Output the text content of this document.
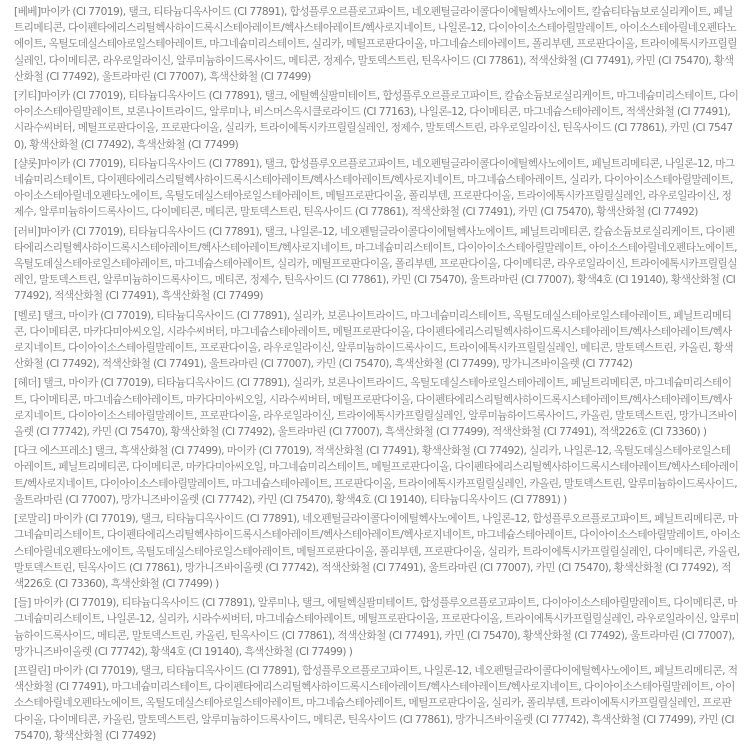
[베베]마이카 (CI 77019), 탤크, 티타늄디옥사이드 (CI 77891), 합성플루오르플로고파이트, 네오펜틸글라이콜다이에틸헥사노에이트, 칼슘티타늄보로실리케이트, 페닐트리메티콘, 다이펜타에리스리틸헥사하이드록시스테아레이트/헥사스테아레이트/헥사로지네이트, 나일론-12, 다이아이소스테아릴말레이트, 아이소스테아릴네오펜타노에이트, 옥틸도데실스테아로일스테아레이트, 마그네슘미리스테이트, 실리카, 메틸프로판다이올, 마그네슘스테아레이트, 폴리부텐, 프로판다이올, 트라이에톡시카프릴릴실레인, 다이메티콘, 라우로일라이신, 알루미늄하이드록사이드, 메티콘, 정제수, 말토덱스트린, 틴옥사이드 (CI 77861), 적색산화철 (CI 77491), 카민 (CI 75470), 황색산화철 (CI 77492), 울트라마린 (CI 77007), 흑색산화철 (CI 77499)

[키티]마이카 (CI 77019), 티타늄디옥사이드 (CI 77891), 탤크, 에틸헥실팔미테이트, 합성플루오르플로고파이트, 칼슘소듐보로실리케이트, 마그네슘미리스테이트, 다이아이소스테아릴말레이트, 보론나이트라이드, 알루미나, 비스머스옥시클로라이드 (CI 77163), 나일론-12, 다이메티콘, 마그네슘스테아레이트, 적색산화철 (CI 77491), 시라수씨버터, 메틸프로판다이올, 프로판다이올, 실리카, 트라이에톡시카프릴릴실레인, 정제수, 말토덱스트린, 라우로일라이신, 틴옥사이드 (CI 77861), 카민 (CI 75470), 황색산화철 (CI 77492), 흑색산화철 (CI 77499)

[샬롯]마이카 (CI 77019), 티타늄디옥사이드 (CI 77891), 탤크, 합성플루오르플로고파이트, 네오펜틸글라이콜다이에틸헥사노에이트, 페닐트리메티콘, 나일론-12, 마그네슘미리스테이트, 다이펜타에리스리틸헥사하이드록시스테아레이트/헥사스테아레이트/헥사로지네이트, 마그네슘스테아레이트, 실리카, 다이아이소스테아릴말레이트, 아이소스테아릴네오펜타노에이트, 옥틸도데실스테아로일스테아레이트, 메틸프로판다이올, 폴리부텐, 프로판다이올, 트라이에톡시카프릴릴실레인, 라우로일라이신, 정제수, 알루미늄하이드록사이드, 다이메티콘, 메티콘, 말토덱스트린, 틴옥사이드 (CI 77861), 적색산화철 (CI 77491), 카민 (CI 75470), 황색산화철 (CI 77492)

[러비]마이카 (CI 77019), 티타늄디옥사이드 (CI 77891), 탤크, 나일론-12, 네오펜틸글라이콜다이에틸헥사노에이트, 페닐트리메티콘, 칼슘소듐보로실리케이트, 다이펜타에리스리틸헥사하이드록시스테아레이트/헥사스테아레이트/헥사로지네이트, 마그네슘미리스테이트, 다이아이소스테아릴말레이트, 아이소스테아릴네오펜타노에이트, 옥틸도데실스테아로일스테아레이트, 마그네슘스테아레이트, 실리카, 메틸프로판다이올, 폴리부텐, 프로판다이올, 다이메티콘, 라우로일라이신, 트라이에톡시카프릴릴실레인, 말토덱스트린, 알루미늄하이드록사이드, 메티콘, 정제수, 틴옥사이드 (CI 77861), 카민 (CI 75470), 울트라마린 (CI 77007), 황색4호 (CI 19140), 황색산화철 (CI 77492), 적색산화철 (CI 77491), 흑색산화철 (CI 77499)

[벨로] 탤크, 마이카 (CI 77019), 티타늄디옥사이드 (CI 77891), 실리카, 보론나이트라이드, 마그네슘미리스테이트, 옥틸도데실스테아로일스테아레이트, 페닐트리메티콘, 다이메티콘, 마카다미아씨오일, 시라수씨버터, 마그네슘스테아레이트, 메틸프로판다이올, 다이펜타에리스리틸헥사하이드록시스테아레이트/헥사스테아레이트/헥사로지네이트, 다이아이소스테아릴말레이트, 프로판다이올, 라우로일라이신, 알루미늄하이드록사이드, 트라이에톡시카프릴릴실레인, 메티콘, 말토덱스트린, 카올린, 황색산화철 (CI 77492), 적색산화철 (CI 77491), 울트라마린 (CI 77007), 카민 (CI 75470), 흑색산화철 (CI 77499), 망가니즈바이올렛 (CI 77742)

[헤더] 탤크, 마이카 (CI 77019), 티타늄디옥사이드 (CI 77891), 실리카, 보론나이트라이드, 옥틸도데실스테아로일스테아레이트, 페닐트리메티콘, 마그네슘미리스테이트, 다이메티콘, 마그네슘스테아레이트, 마카다미아씨오일, 시라수씨버터, 메틸프로판다이올, 다이펜타에리스리틸헥사하이드록시스테아레이트/헥사스테아레이트/헥사로지네이트, 다이아이소스테아릴말레이트, 프로판다이올, 라우로일라이신, 트라이에톡시카프릴릴실레인, 알루미늄하이드록사이드, 카올린, 말토덱스트린, 망가니즈바이올렛 (CI 77742), 카민 (CI 75470), 황색산화철 (CI 77492), 울트라마린 (CI 77007), 흑색산화철 (CI 77499), 적색산화철 (CI 77491), 적색226호 (CI 73360) )

[다크 에스프레소] 탤크, 흑색산화철 (CI 77499), 마이카 (CI 77019), 적색산화철 (CI 77491), 황색산화철 (CI 77492), 실리카, 나일론-12, 옥틸도데실스테아로일스테아레이트, 페닐트리메티콘, 다이메티콘, 마카다미아씨오일, 마그네슘미리스테이트, 메틸프로판다이올, 다이펜타에리스리틸헥사하이드록시스테아레이트/헥사스테아레이트/헥사로지네이트, 다이아이소스테아릴말레이트, 마그네슘스테아레이트, 프로판다이올, 트라이에톡시카프릴릴실레인, 카올린, 말토덱스트린, 알루미늄하이드록사이드, 울트라마린 (CI 77007), 망가니즈바이올렛 (CI 77742), 카민 (CI 75470), 황색4호 (CI 19140), 티타늄디옥사이드 (CI 77891) )

[로말리] 마이카 (CI 77019), 탤크, 티타늄디옥사이드 (CI 77891), 네오펜틸글라이콜다이에틸헥사노에이트, 나일론-12, 합성플루오르플로고파이트, 페닐트리메티콘, 마그네슘미리스테이트, 다이펜타에리스리틸헥사하이드록시스테아레이트/헥사스테아레이트/헥사로지네이트, 마그네슘스테아레이트, 다이아이소스테아릴말레이트, 아이소스테아릴네오펜타노에이트, 옥틸도데실스테아로일스테아레이트, 메틸프로판다이올, 폴리부텐, 프로판다이올, 실리카, 트라이에톡시카프릴릴실레인, 다이메티콘, 카올린, 말토덱스트린, 틴옥사이드 (CI 77861), 망가니즈바이올렛 (CI 77742), 적색산화철 (CI 77491), 울트라마린 (CI 77007), 카민 (CI 75470), 황색산화철 (CI 77492), 적색226호 (CI 73360), 흑색산화철 (CI 77499) )

[들] 마이카 (CI 77019), 티타늄디옥사이드 (CI 77891), 알루미나, 탤크, 에틸헥실팔미테이트, 합성플루오르플로고파이트, 다이아이소스테아릴말레이트, 다이메티콘, 마그네슘미리스테이트, 나일론-12, 실리카, 시라수씨버터, 마그네슘스테아레이트, 메틸프로판다이올, 프로판다이올, 트라이에톡시카프릴릴실레인, 라우로일라이신, 알루미늄하이드록사이드, 메티콘, 말토덱스트린, 카올린, 틴옥사이드 (CI 77861), 적색산화철 (CI 77491), 카민 (CI 75470), 황색산화철 (CI 77492), 울트라마린 (CI 77007), 망가니즈바이올렛 (CI 77742), 황색4호 (CI 19140), 흑색산화철 (CI 77499) )

[프릴린] 마이카 (CI 77019), 탤크, 티타늄디옥사이드 (CI 77891), 합성플루오르플로고파이트, 나일론-12, 네오펜틸글라이콜다이에틸헥사노에이트, 페닐트리메티콘, 적색산화철 (CI 77491), 마그네슘미리스테이트, 다이펜타에리스리틸헥사하이드록시스테아레이트/헥사스테아레이트/헥사로지네이트, 다이아이소스테아릴말레이트, 아이소스테아릴네오펜타노에이트, 옥틸도데실스테아로일스테아레이트, 마그네슘스테아레이트, 메틸프로판다이올, 실리카, 폴리부텐, 트라이에톡시카프릴릴실레인, 프로판다이올, 다이메티콘, 카올린, 말토덱스트린, 알루미늄하이드록사이드, 메티콘, 틴옥사이드 (CI 77861), 망가니즈바이올렛 (CI 77742), 흑색산화철 (CI 77499), 카민 (CI 75470), 황색산화철 (CI 77492)
